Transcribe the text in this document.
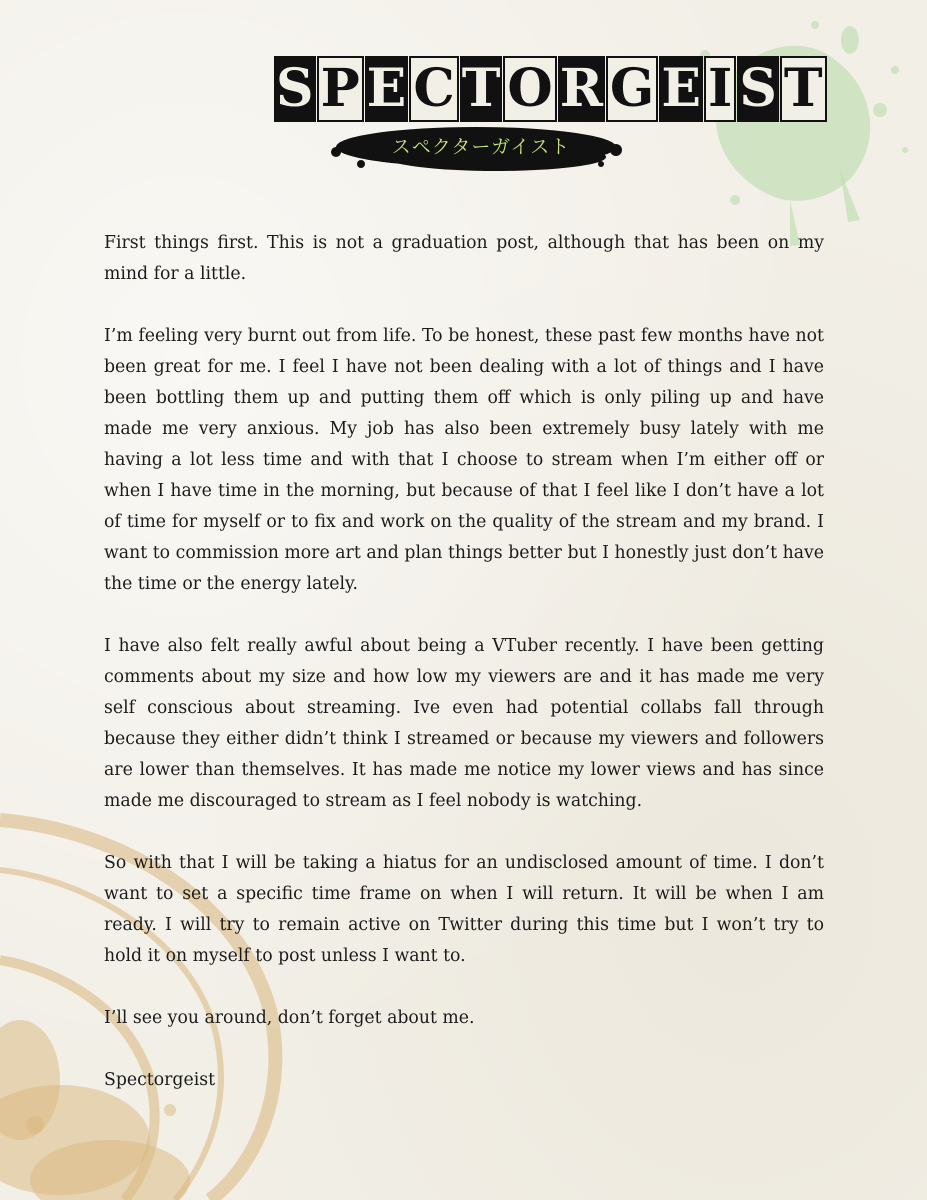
S P E C T O R G E I S T
スペクターガイスト

First things first. This is not a graduation post, although that has been on my mind for a little.

I’m feeling very burnt out from life. To be honest, these past few months have not been great for me. I feel I have not been dealing with a lot of things and I have been bottling them up and putting them off which is only piling up and have made me very anxious. My job has also been extremely busy lately with me having a lot less time and with that I choose to stream when I’m either off or when I have time in the morning, but because of that I feel like I don’t have a lot of time for myself or to fix and work on the quality of the stream and my brand. I want to commission more art and plan things better but I honestly just don’t have the time or the energy lately.

I have also felt really awful about being a VTuber recently. I have been getting comments about my size and how low my viewers are and it has made me very self conscious about streaming. Ive even had potential collabs fall through because they either didn’t think I streamed or because my viewers and followers are lower than themselves. It has made me notice my lower views and has since made me discouraged to stream as I feel nobody is watching.

So with that I will be taking a hiatus for an undisclosed amount of time. I don’t want to set a specific time frame on when I will return. It will be when I am ready. I will try to remain active on Twitter during this time but I won’t try to hold it on myself to post unless I want to.

I’ll see you around, don’t forget about me.

Spectorgeist
